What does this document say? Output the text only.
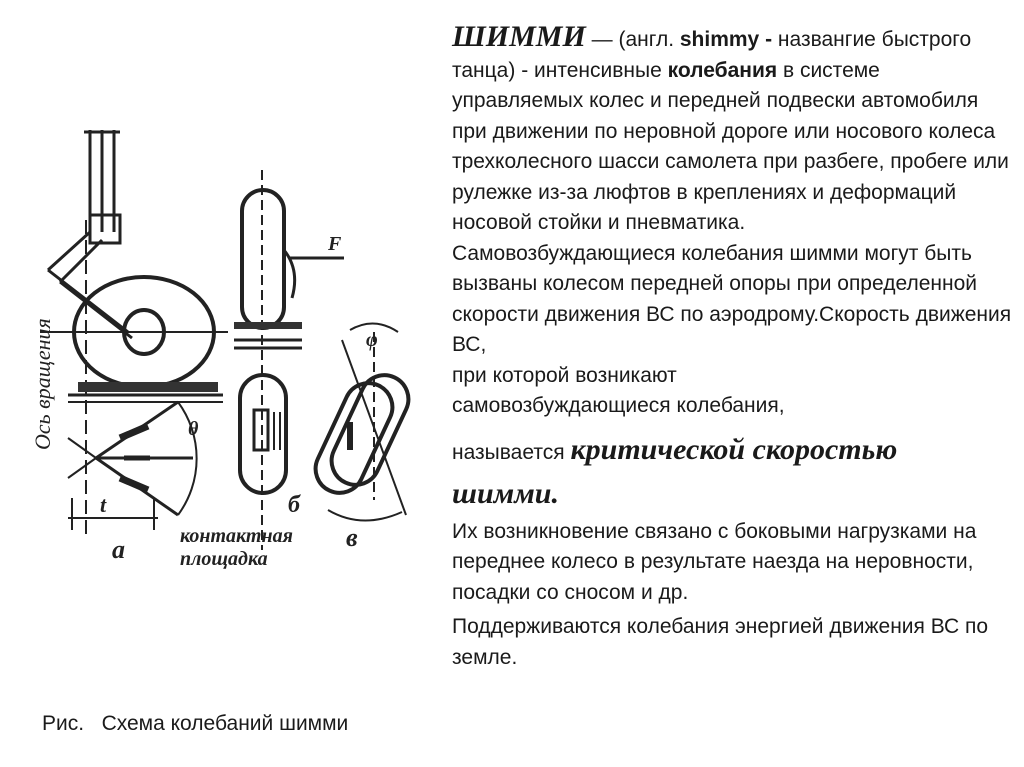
Ось вращения
а
б
в
t
F
φ
θ
контактная
площадка
Рис.   Схема колебаний шимми

ШИММИ — (англ. shimmy - названгие быстрого танца) - интенсивные колебания в системе управляемых колес и передней подвески автомобиля при движении по неровной дороге или носового колеса трехколесного шасси самолета при разбеге, пробеге или рулежке из-за люфтов в креплениях и деформаций носовой стойки и пневматика.

Самовозбуждающиеся колебания шимми могут быть вызваны колесом передней опоры при определенной скорости движения ВС по аэродрому.Скорость движения ВС,

при которой возникают

самовозбуждающиеся колебания,

называется критической скоростью

шимми.

Их возникновение связано с боковыми нагрузками на переднее колесо в результате наезда на неровности, посадки со сносом и др.

Поддерживаются колебания энергией движения ВС по земле.
